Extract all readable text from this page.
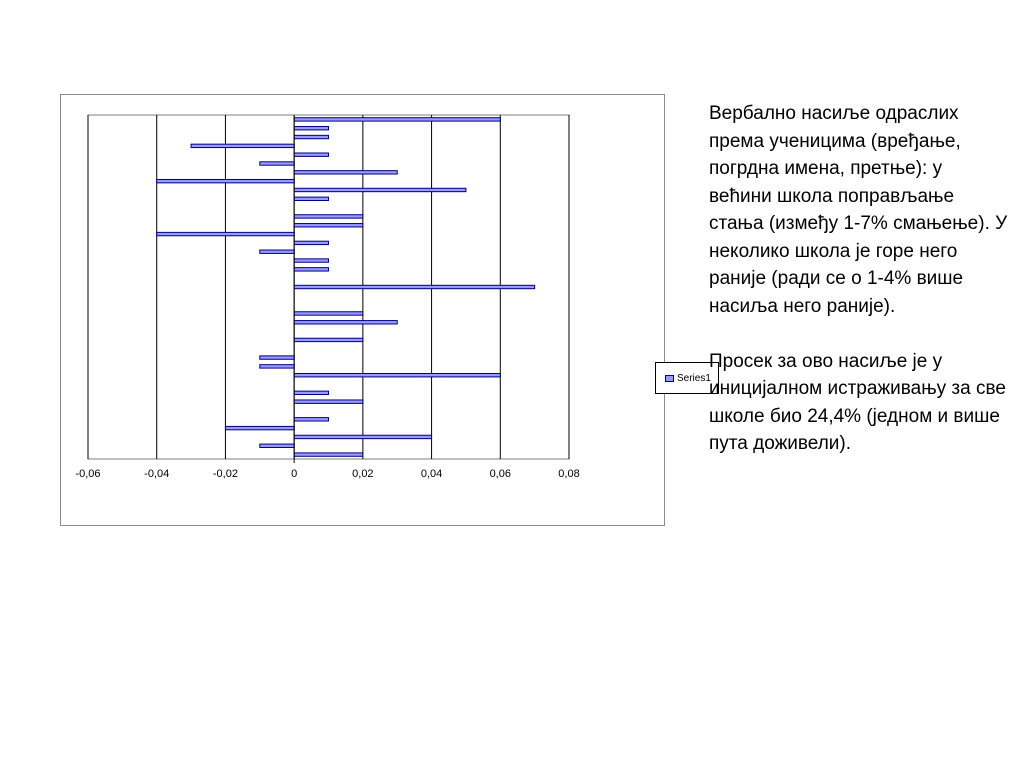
-0,06	-0,04	-0,02	0	0,02	0,04	0,06	0,08
Series1

Вербално насиље одраслих према ученицима (врeђање, погрдна имена, претње): у већини школа поправљање стања (између 1-7% смањење). У неколико школа је горе него раније (ради се о 1-4% више насиља него раније).

Просек за ово насиље је у иницијалном истраживању за све школе био 24,4% (једном и више пута доживели).
